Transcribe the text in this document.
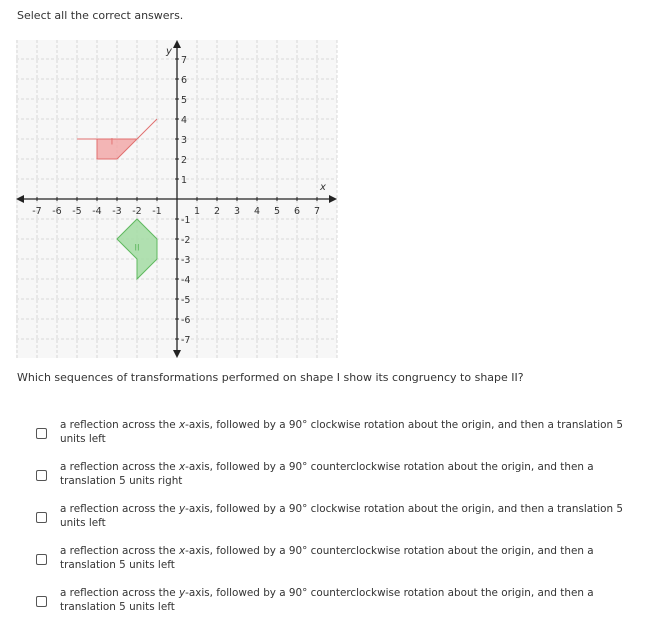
Select all the correct answers.
-7 -6 -5 -4 -3 -2 -1	1 2 3 4 5 6 7
-7
-6
-5
-4
-3
-2
-1
1
2
3
4
5
6
7
x
y
I
II
Which sequences of transformations performed on shape I show its congruency to shape II?
a reflection across the x-axis, followed by a 90° clockwise rotation about the origin, and then a translation 5
units left
a reflection across the x-axis, followed by a 90° counterclockwise rotation about the origin, and then a
translation 5 units right
a reflection across the y-axis, followed by a 90° clockwise rotation about the origin, and then a translation 5
units left
a reflection across the x-axis, followed by a 90° counterclockwise rotation about the origin, and then a
translation 5 units left
a reflection across the y-axis, followed by a 90° counterclockwise rotation about the origin, and then a
translation 5 units left
